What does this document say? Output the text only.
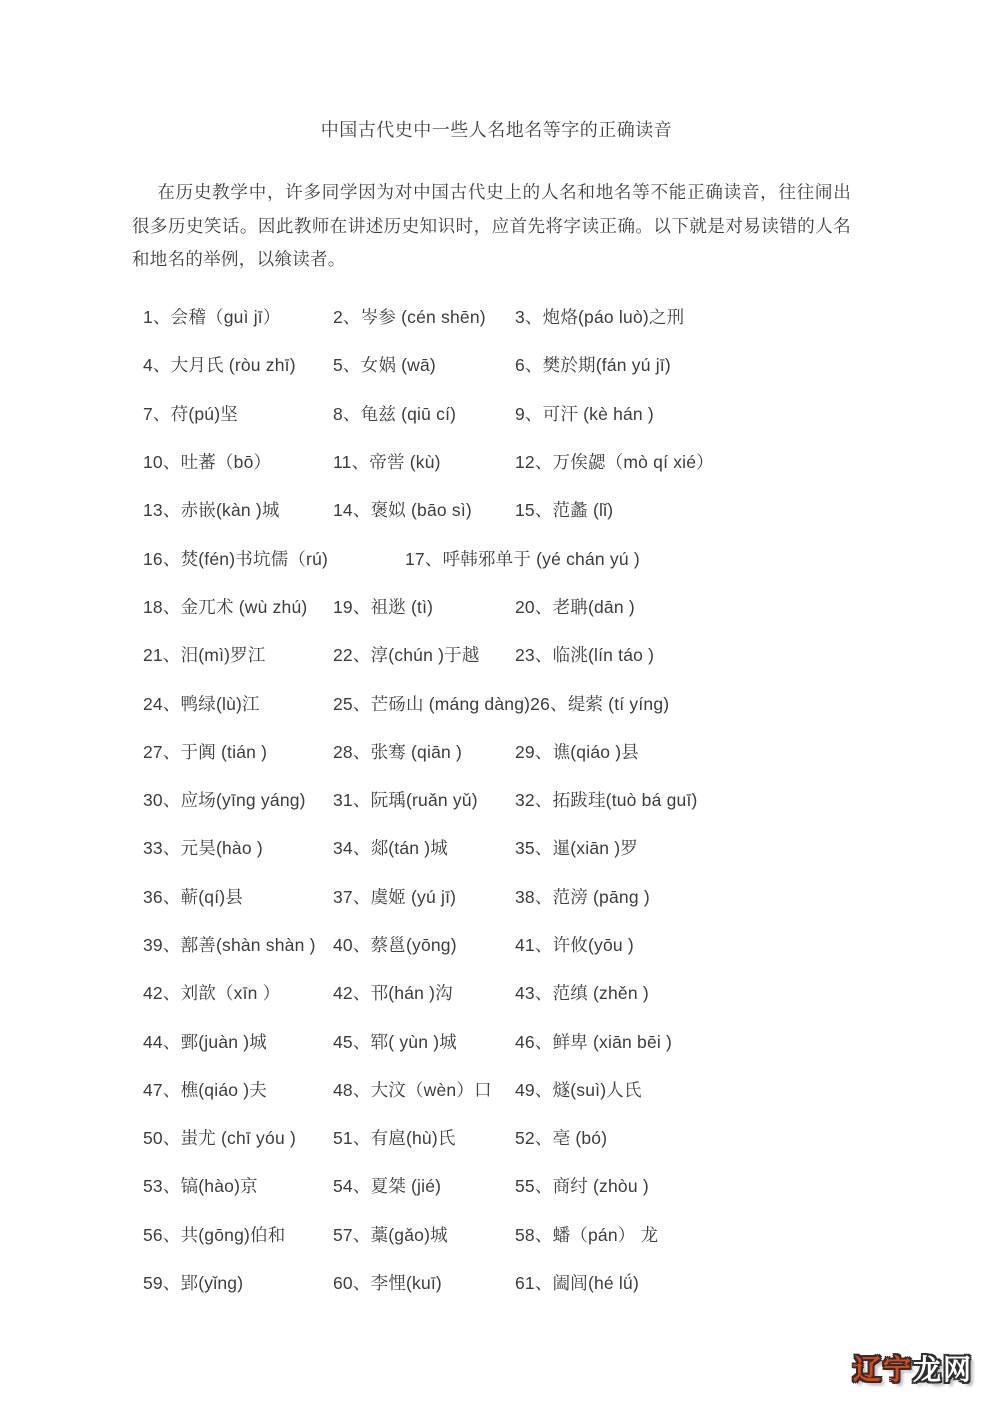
中国古代史中一些人名地名等字的正确读音

在历史教学中，许多同学因为对中国古代史上的人名和地名等不能正确读音，往往闹出很多历史笑话。因此教师在讲述历史知识时，应首先将字读正确。以下就是对易读错的人名和地名的举例，以飨读者。

1、会稽（guì jī）	2、岑参 (cén shēn)	3、炮烙(páo luò)之刑
4、大月氏 (ròu zhī)	5、女娲 (wā)	6、樊於期(fán yú jī)
7、苻(pú)坚	8、龟兹 (qiū cí)	9、可汗 (kè hán )
10、吐蕃（bō）	11、帝喾 (kù)	12、万俟勰（mò qí xié）
13、赤嵌(kàn )城	14、褒姒 (bāo sì)	15、范蠡 (lǐ)
16、焚(fén)书坑儒（rú)	17、呼韩邪单于 (yé chán yú )
18、金兀术 (wù zhú)	19、祖逖 (tì)	20、老聃(dān )
21、汨(mì)罗江	22、淳(chún )于越	23、临洮(lín táo )
24、鸭绿(lù)江	25、芒砀山 (máng dàng) 26、缇萦 (tí yíng)
27、于阗 (tián )	28、张骞 (qiān )	29、谯(qiáo )县
30、应场(yīng yáng)	31、阮瑀(ruǎn yǔ)	32、拓跋珪(tuò bá guī)
33、元昊(hào )	34、郯(tán )城	35、暹(xiān )罗
36、蕲(qí)县	37、虞姬 (yú jī)	38、范滂 (pāng )
39、鄯善(shàn shàn ) 40、蔡邕(yōng)	41、许攸(yōu )
42、刘歆（xīn ）	42、邗(hán )沟	43、范缜 (zhěn )
44、鄄(juàn )城	45、郓( yùn )城	46、鲜卑 (xiān bēi )
47、樵(qiáo )夫	48、大汶（wèn）口	49、燧(suì)人氏
50、蚩尤 (chī yóu )	51、有扈(hù)氏	52、亳 (bó)
53、镐(hào)京	54、夏桀 (jié)	55、商纣 (zhòu )
56、共(gōng)伯和	57、藁(gǎo)城	58、蟠（pán） 龙
59、郢(yǐng)	60、李悝(kuī)	61、阖闾(hé lǘ)
辽宁龙网
